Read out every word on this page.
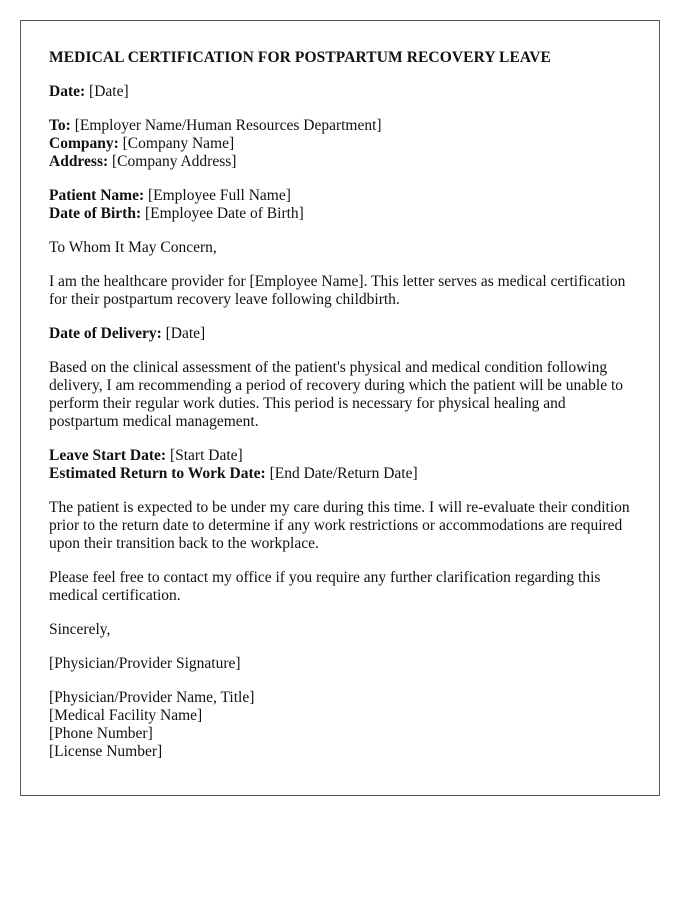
MEDICAL CERTIFICATION FOR POSTPARTUM RECOVERY LEAVE
Date: [Date]
To: [Employer Name/Human Resources Department]
Company: [Company Name]
Address: [Company Address]
Patient Name: [Employee Full Name]
Date of Birth: [Employee Date of Birth]

To Whom It May Concern,

I am the healthcare provider for [Employee Name]. This letter serves as medical certification for their postpartum recovery leave following childbirth.

Date of Delivery: [Date]

Based on the clinical assessment of the patient's physical and medical condition following delivery, I am recommending a period of recovery during which the patient will be unable to perform their regular work duties. This period is necessary for physical healing and postpartum medical management.

Leave Start Date: [Start Date]
Estimated Return to Work Date: [End Date/Return Date]

The patient is expected to be under my care during this time. I will re-evaluate their condition prior to the return date to determine if any work restrictions or accommodations are required upon their transition back to the workplace.

Please feel free to contact my office if you require any further clarification regarding this medical certification.

Sincerely,

[Physician/Provider Signature]

[Physician/Provider Name, Title]
[Medical Facility Name]
[Phone Number]
[License Number]
